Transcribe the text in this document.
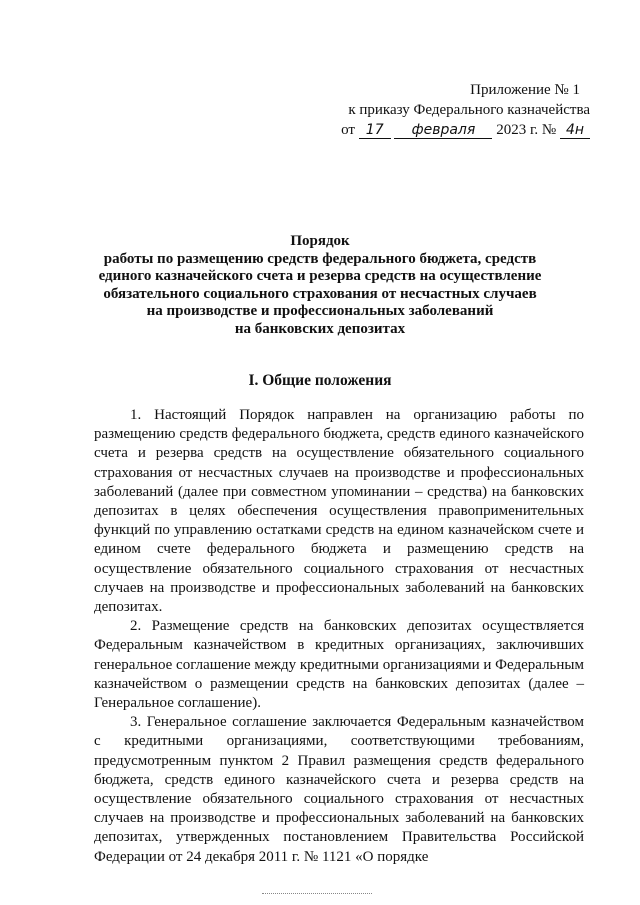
Приложение № 1
к приказу Федерального казначейства
от 17 февраля 2023 г. № 4н
Порядок
работы по размещению средств федерального бюджета, средств
единого казначейского счета и резерва средств на осуществление
обязательного социального страхования от несчастных случаев
на производстве и профессиональных заболеваний
на банковских депозитах
I. Общие положения

1. Настоящий Порядок направлен на организацию работы по размещению средств федерального бюджета, средств единого казначейского счета и резерва средств на осуществление обязательного социального страхования от несчастных случаев на производстве и профессиональных заболеваний (далее при совместном упоминании – средства) на банковских депозитах в целях обеспечения осуществления правоприменительных функций по управлению остатками средств на едином казначейском счете и едином счете федерального бюджета и размещению средств на осуществление обязательного социального страхования от несчастных случаев на производстве и профессиональных заболеваний на банковских депозитах.

2. Размещение средств на банковских депозитах осуществляется Федеральным казначейством в кредитных организациях, заключивших генеральное соглашение между кредитными организациями и Федеральным казначейством о размещении средств на банковских депозитах (далее – Генеральное соглашение).

3. Генеральное соглашение заключается Федеральным казначейством с кредитными организациями, соответствующими требованиям, предусмотренным пунктом 2 Правил размещения средств федерального бюджета, средств единого казначейского счета и резерва средств на осуществление обязательного социального страхования от несчастных случаев на производстве и профессиональных заболеваний на банковских депозитах, утвержденных постановлением Правительства Российской Федерации от 24 декабря 2011 г. № 1121 «О порядке
